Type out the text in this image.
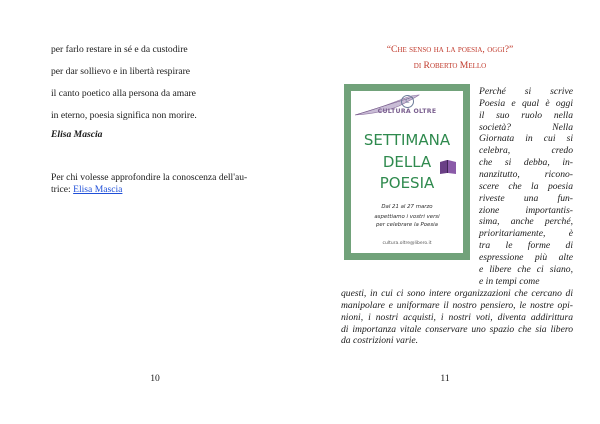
per farlo restare in sé e da custodire
per dar sollievo e in libertà respirare
il canto poetico alla persona da amare
in eterno, poesia significa non morire.
Elisa Mascia
Per chi volesse approfondire la conoscenza dell'au-
trice: Elisa Mascia
10
“Che senso ha la poesia, oggi?”
di Roberto Mello
C
CULTURA OLTRE
SETTIMANA
DELLA
POESIA
Dal 21 al 27 marzo
aspettiamo i vostri versi
per celebrare la Poesia
cultura.oltre@libero.it
Perché si scrive
Poesia e qual è oggi
il suo ruolo nella
società? Nella
Giornata in cui si
celebra, credo
che si debba, in-
nanzitutto, ricono-
scere che la poesia
riveste una fun-
zione importantis-
sima, anche perché,
prioritariamente, è
tra le forme di
espressione più alte
e libere che ci siano,
e in tempi come
questi, in cui ci sono intere organizzazioni che cercano di
manipolare e uniformare il nostro pensiero, le nostre opi-
nioni, i nostri acquisti, i nostri voti, diventa addirittura
di importanza vitale conservare uno spazio che sia libero
da costrizioni varie.
11
